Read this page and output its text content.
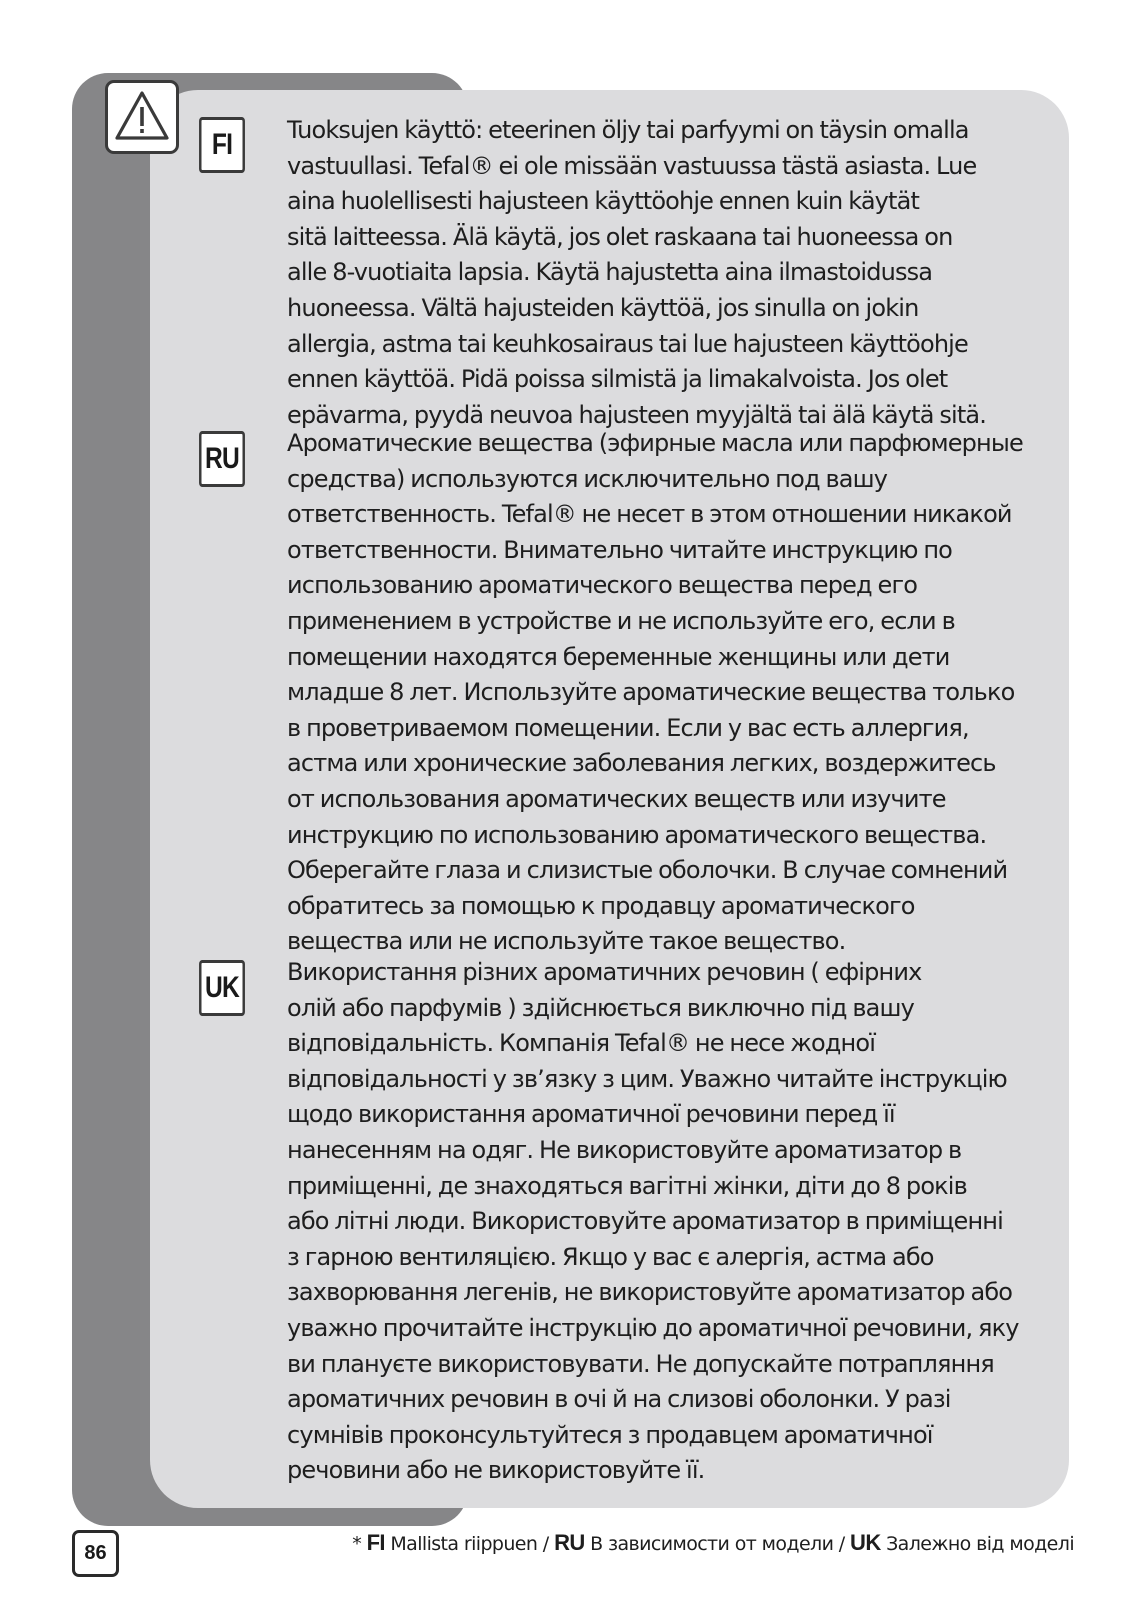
FI
RU
UK
Tuoksujen käyttö: eteerinen öljy tai parfyymi on täysin omalla
vastuullasi. Tefal® ei ole missään vastuussa tästä asiasta. Lue
aina huolellisesti hajusteen käyttöohje ennen kuin käytät
sitä laitteessa. Älä käytä, jos olet raskaana tai huoneessa on
alle 8-vuotiaita lapsia. Käytä hajustetta aina ilmastoidussa
huoneessa. Vältä hajusteiden käyttöä, jos sinulla on jokin
allergia, astma tai keuhkosairaus tai lue hajusteen käyttöohje
ennen käyttöä. Pidä poissa silmistä ja limakalvoista. Jos olet
epävarma, pyydä neuvoa hajusteen myyjältä tai älä käytä sitä.
Ароматические вещества (эфирные масла или парфюмерные
средства) используются исключительно под вашу
ответственность. Tefal® не несет в этом отношении никакой
ответственности. Внимательно читайте инструкцию по
использованию ароматического вещества перед его
применением в устройстве и не используйте его, если в
помещении находятся беременные женщины или дети
младше 8 лет. Используйте ароматические вещества только
в проветриваемом помещении. Если у вас есть аллергия,
астма или хронические заболевания легких, воздержитесь
от использования ароматических веществ или изучите
инструкцию по использованию ароматического вещества.
Оберегайте глаза и слизистые оболочки. В случае сомнений
обратитесь за помощью к продавцу ароматического
вещества или не используйте такое вещество.
Використання різних ароматичних речовин ( ефірних
олій або парфумів ) здійснюється виключно під вашу
відповідальність. Компанія Tefal® не несе жодної
відповідальності у зв’язку з цим. Уважно читайте інструкцію
щодо використання ароматичної речовини перед її
нанесенням на одяг. Не використовуйте ароматизатор в
приміщенні, де знаходяться вагітні жінки, діти до 8 років
або літні люди. Використовуйте ароматизатор в приміщенні
з гарною вентиляцією. Якщо у вас є алергія, астма або
захворювання легенів, не використовуйте ароматизатор або
уважно прочитайте інструкцію до ароматичної речовини, яку
ви плануєте використовувати. Не допускайте потрапляння
ароматичних речовин в очі й на слизові оболонки. У разі
сумнівів проконсультуйтеся з продавцем ароматичної
речовини або не використовуйте її.
86	* FI Mallista riippuen / RU В зависимости от модели / UK Залежно від моделі
